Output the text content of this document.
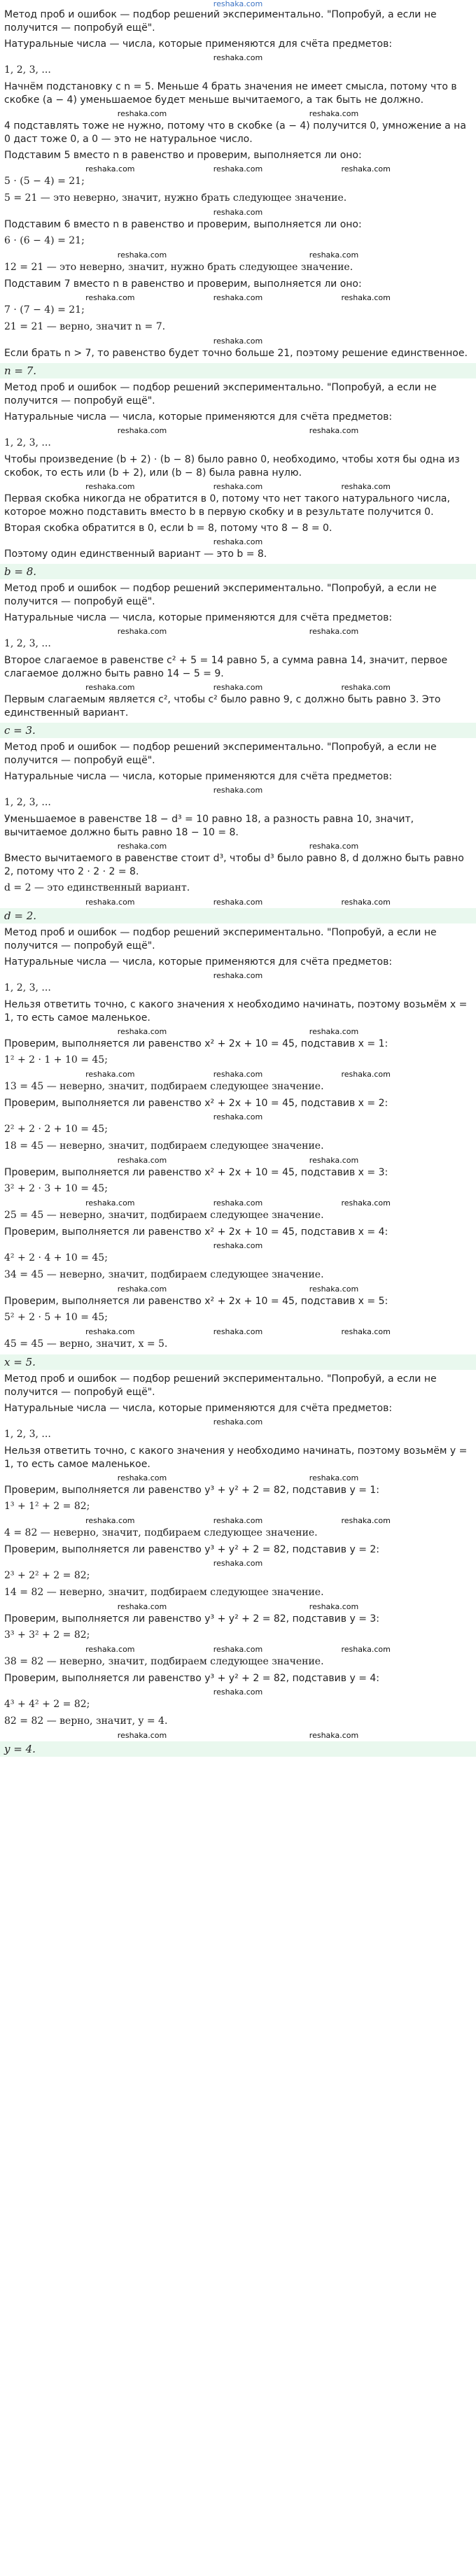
reshaka.com
Метод проб и ошибок — подбор решений экспериментально. "Попробуй, а если не получится — попробуй ещё".
Натуральные числа — числа, которые применяются для счёта предметов:
reshaka.com
1, 2, 3, ...
Начнём подстановку с n = 5. Меньше 4 брать значения не имеет смысла, потому что в скобке (a − 4) уменьшаемое будет меньше вычитаемого, а так быть не должно.
reshaka.com	reshaka.com
4 подставлять тоже не нужно, потому что в скобке (a − 4) получится 0, умножение a на 0 даст тоже 0, а 0 — это не натуральное число.
Подставим 5 вместо n в равенство и проверим, выполняется ли оно:
reshaka.com	reshaka.com	reshaka.com
5 · (5 − 4) = 21;
5 = 21 — это неверно, значит, нужно брать следующее значение.
reshaka.com
Подставим 6 вместо n в равенство и проверим, выполняется ли оно:
6 · (6 − 4) = 21;
reshaka.com	reshaka.com
12 = 21 — это неверно, значит, нужно брать следующее значение.
Подставим 7 вместо n в равенство и проверим, выполняется ли оно:
reshaka.com	reshaka.com	reshaka.com
7 · (7 − 4) = 21;
21 = 21 — верно, значит n = 7.
reshaka.com
Если брать n > 7, то равенство будет точно больше 21, поэтому решение единственное.
n = 7.
Метод проб и ошибок — подбор решений экспериментально. "Попробуй, а если не получится — попробуй ещё".
Натуральные числа — числа, которые применяются для счёта предметов:
reshaka.com	reshaka.com
1, 2, 3, ...
Чтобы произведение (b + 2) · (b − 8) было равно 0, необходимо, чтобы хотя бы одна из скобок, то есть или (b + 2), или (b − 8) была равна нулю.
reshaka.com	reshaka.com	reshaka.com
Первая скобка никогда не обратится в 0, потому что нет такого натурального числа, которое можно подставить вместо b в первую скобку и в результате получится 0.
Вторая скобка обратится в 0, если b = 8, потому что 8 − 8 = 0.
reshaka.com
Поэтому один единственный вариант — это b = 8.
b = 8.
Метод проб и ошибок — подбор решений экспериментально. "Попробуй, а если не получится — попробуй ещё".
Натуральные числа — числа, которые применяются для счёта предметов:
reshaka.com	reshaka.com
1, 2, 3, ...
Второе слагаемое в равенстве c² + 5 = 14 равно 5, а сумма равна 14, значит, первое слагаемое должно быть равно 14 − 5 = 9.
reshaka.com	reshaka.com	reshaka.com
Первым слагаемым является c², чтобы c² было равно 9, c должно быть равно 3. Это единственный вариант.
c = 3.
Метод проб и ошибок — подбор решений экспериментально. "Попробуй, а если не получится — попробуй ещё".
Натуральные числа — числа, которые применяются для счёта предметов:
reshaka.com
1, 2, 3, ...
Уменьшаемое в равенстве 18 − d³ = 10 равно 18, а разность равна 10, значит, вычитаемое должно быть равно 18 − 10 = 8.
reshaka.com	reshaka.com
Вместо вычитаемого в равенстве стоит d³, чтобы d³ было равно 8, d должно быть равно 2, потому что 2 · 2 · 2 = 8.
d = 2 — это единственный вариант.
reshaka.com	reshaka.com	reshaka.com
d = 2.
Метод проб и ошибок — подбор решений экспериментально. "Попробуй, а если не получится — попробуй ещё".
Натуральные числа — числа, которые применяются для счёта предметов:
reshaka.com
1, 2, 3, ...
Нельзя ответить точно, с какого значения x необходимо начинать, поэтому возьмём x = 1, то есть самое маленькое.
reshaka.com	reshaka.com
Проверим, выполняется ли равенство x² + 2x + 10 = 45, подставив x = 1:
1² + 2 · 1 + 10 = 45;
reshaka.com	reshaka.com	reshaka.com
13 = 45 — неверно, значит, подбираем следующее значение.
Проверим, выполняется ли равенство x² + 2x + 10 = 45, подставив x = 2:
reshaka.com
2² + 2 · 2 + 10 = 45;
18 = 45 — неверно, значит, подбираем следующее значение.
reshaka.com	reshaka.com
Проверим, выполняется ли равенство x² + 2x + 10 = 45, подставив x = 3:
3² + 2 · 3 + 10 = 45;
reshaka.com	reshaka.com	reshaka.com
25 = 45 — неверно, значит, подбираем следующее значение.
Проверим, выполняется ли равенство x² + 2x + 10 = 45, подставив x = 4:
reshaka.com
4² + 2 · 4 + 10 = 45;
34 = 45 — неверно, значит, подбираем следующее значение.
reshaka.com	reshaka.com
Проверим, выполняется ли равенство x² + 2x + 10 = 45, подставив x = 5:
5² + 2 · 5 + 10 = 45;
reshaka.com	reshaka.com	reshaka.com
45 = 45 — верно, значит, x = 5.
x = 5.
Метод проб и ошибок — подбор решений экспериментально. "Попробуй, а если не получится — попробуй ещё".
Натуральные числа — числа, которые применяются для счёта предметов:
reshaka.com
1, 2, 3, ...
Нельзя ответить точно, с какого значения y необходимо начинать, поэтому возьмём y = 1, то есть самое маленькое.
reshaka.com	reshaka.com
Проверим, выполняется ли равенство y³ + y² + 2 = 82, подставив y = 1:
1³ + 1² + 2 = 82;
reshaka.com	reshaka.com	reshaka.com
4 = 82 — неверно, значит, подбираем следующее значение.
Проверим, выполняется ли равенство y³ + y² + 2 = 82, подставив y = 2:
reshaka.com
2³ + 2² + 2 = 82;
14 = 82 — неверно, значит, подбираем следующее значение.
reshaka.com	reshaka.com
Проверим, выполняется ли равенство y³ + y² + 2 = 82, подставив y = 3:
3³ + 3² + 2 = 82;
reshaka.com	reshaka.com	reshaka.com
38 = 82 — неверно, значит, подбираем следующее значение.
Проверим, выполняется ли равенство y³ + y² + 2 = 82, подставив y = 4:
reshaka.com
4³ + 4² + 2 = 82;
82 = 82 — верно, значит, y = 4.
reshaka.com	reshaka.com
y = 4.
